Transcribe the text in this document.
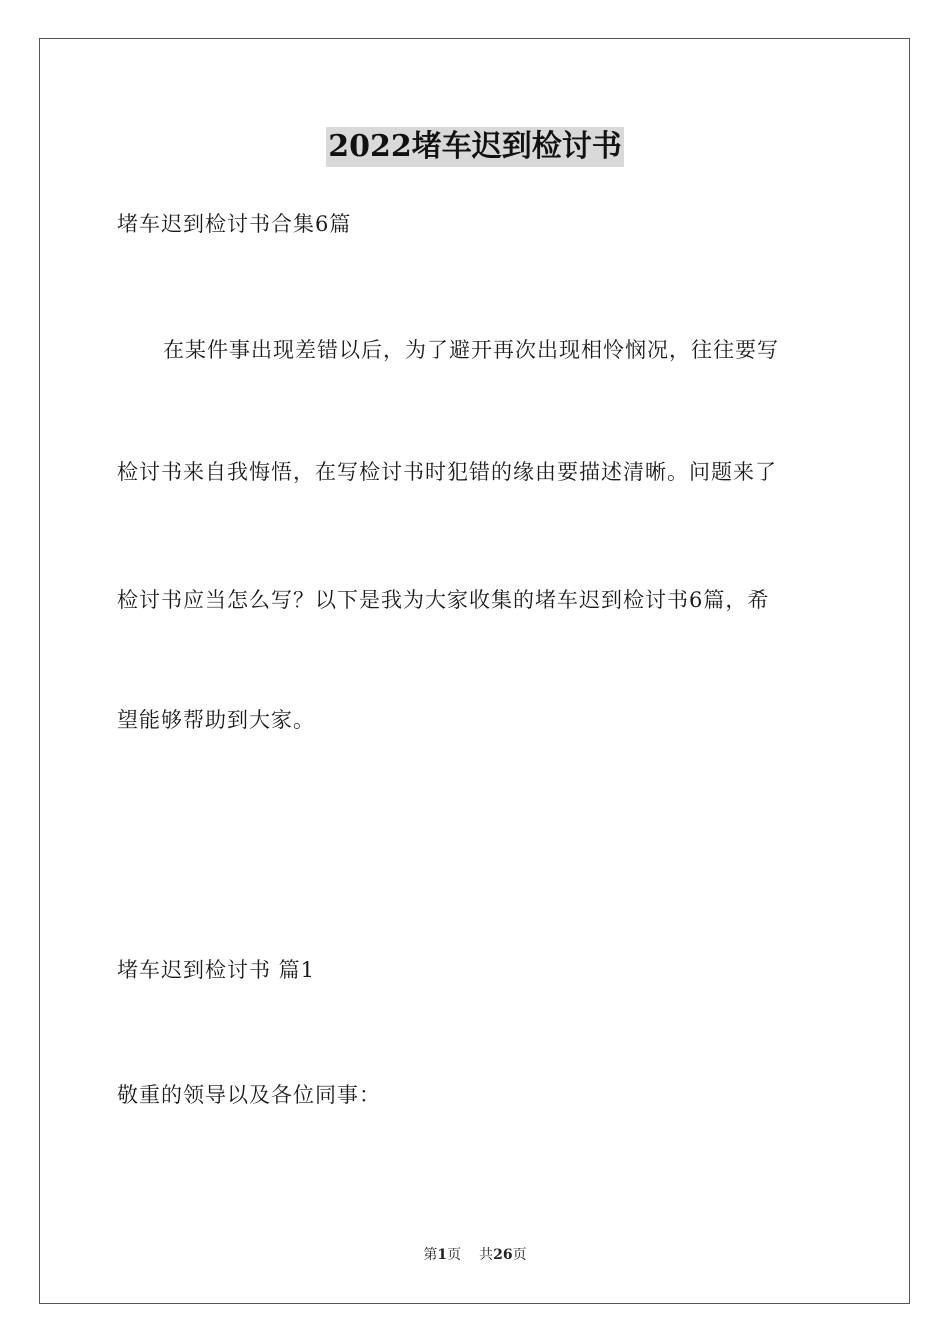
2022堵车迟到检讨书
堵车迟到检讨书合集6篇
在某件事出现差错以后，为了避开再次出现相怜悯况，往往要写
检讨书来自我悔悟，在写检讨书时犯错的缘由要描述清晰。问题来了
检讨书应当怎么写？以下是我为大家收集的堵车迟到检讨书6篇，希
望能够帮助到大家。
堵车迟到检讨书 篇1
敬重的领导以及各位同事：
第1页 共26页
